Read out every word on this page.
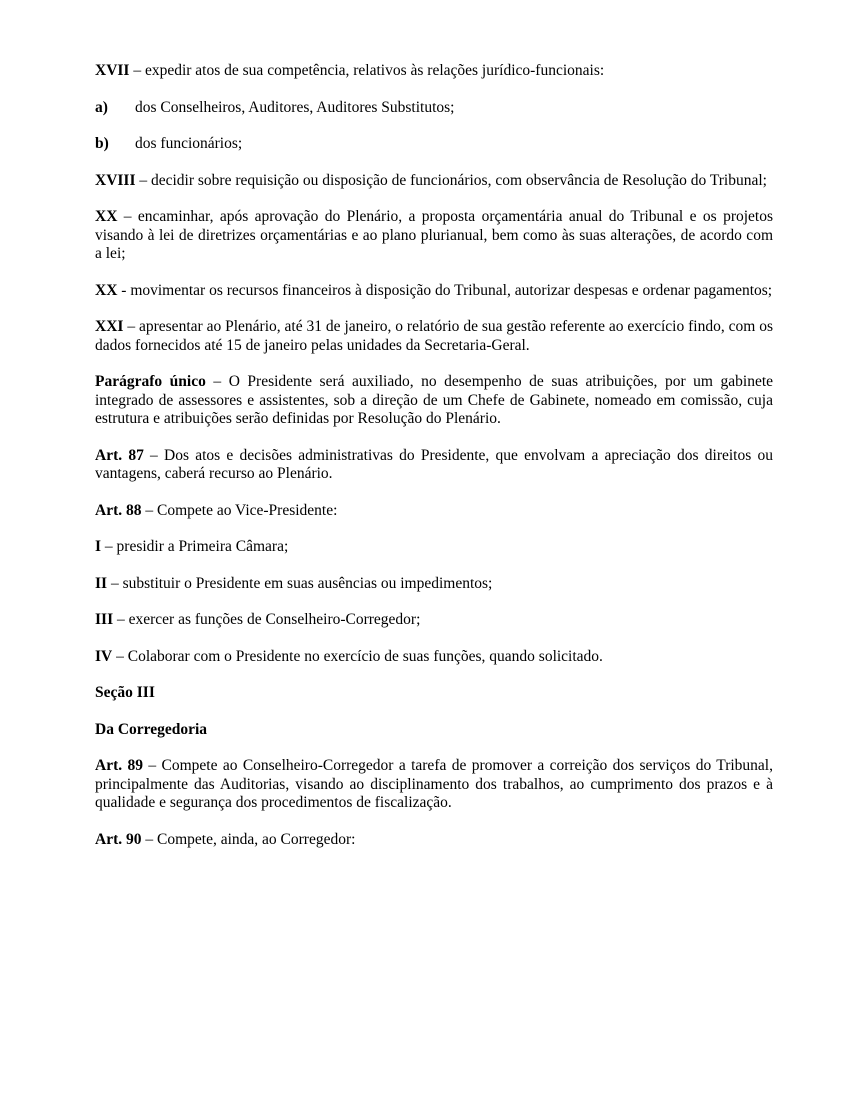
XVII – expedir atos de sua competência, relativos às relações jurídico-funcionais:

a) dos Conselheiros, Auditores, Auditores Substitutos;

b) dos funcionários;

XVIII – decidir sobre requisição ou disposição de funcionários, com observância de Resolução do Tribunal;

XX – encaminhar, após aprovação do Plenário, a proposta orçamentária anual do Tribunal e os projetos visando à lei de diretrizes orçamentárias e ao plano plurianual, bem como às suas alterações, de acordo com a lei;

XX - movimentar os recursos financeiros à disposição do Tribunal, autorizar despesas e ordenar pagamentos;

XXI – apresentar ao Plenário, até 31 de janeiro, o relatório de sua gestão referente ao exercício findo, com os dados fornecidos até 15 de janeiro pelas unidades da Secretaria-Geral.

Parágrafo único – O Presidente será auxiliado, no desempenho de suas atribuições, por um gabinete integrado de assessores e assistentes, sob a direção de um Chefe de Gabinete, nomeado em comissão, cuja estrutura e atribuições serão definidas por Resolução do Plenário.

Art. 87 – Dos atos e decisões administrativas do Presidente, que envolvam a apreciação dos direitos ou vantagens, caberá recurso ao Plenário.

Art. 88 – Compete ao Vice-Presidente:

I – presidir a Primeira Câmara;

II – substituir o Presidente em suas ausências ou impedimentos;

III – exercer as funções de Conselheiro-Corregedor;

IV – Colaborar com o Presidente no exercício de suas funções, quando solicitado.

Seção III

Da Corregedoria

Art. 89 – Compete ao Conselheiro-Corregedor a tarefa de promover a correição dos serviços do Tribunal, principalmente das Auditorias, visando ao disciplinamento dos trabalhos, ao cumprimento dos prazos e à qualidade e segurança dos procedimentos de fiscalização.

Art. 90 – Compete, ainda, ao Corregedor:
